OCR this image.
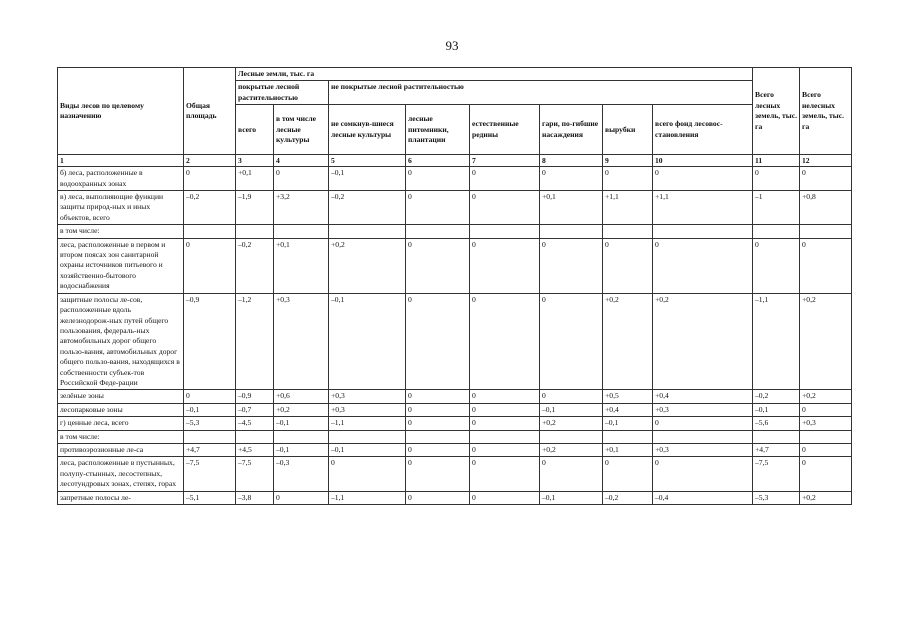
93
Виды лесов по целевому назначению	Общая площадь	Лесные земли, тыс. га								Всего лесных земель, тыс. га	Всего нелесных земель, тыс. га
		покрытые лесной растительностью		не покрытые лесной растительностью							
		всего	в том числе лесные культуры	не сомкнув-шиеся лесные культуры	лесные питомники, плантации	естественные редины	гари, по-гибшие насаждения	вырубки	всего фонд лесовос-становления		
1	2	3	4	5	6	7	8	9	10	11	12
б) леса, расположенные в водоохранных зонах	0	+0,1	0	–0,1	0	0	0	0	0	0	0
в) леса, выполняющие функции защиты природ-ных и иных объектов, всего	–0,2	–1,9	+3,2	–0,2	0	0	+0,1	+1,1	+1,1	–1	+0,8
в том числе:											
леса, расположенные в первом и втором поясах зон санитарной охраны источников питьевого и хозяйственно-бытового водоснабжения	0	–0,2	+0,1	+0,2	0	0	0	0	0	0	0
защитные полосы ле-сов, расположенные вдоль железнодорож-ных путей общего пользования, федераль-ных автомобильных дорог общего пользо-вания, автомобильных дорог общего пользо-вания, находящихся в собственности субъек-тов Российской Феде-рации	–0,9	–1,2	+0,3	–0,1	0	0	0	+0,2	+0,2	–1,1	+0,2
зелёные зоны	0	–0,9	+0,6	+0,3	0	0	0	+0,5	+0,4	–0,2	+0,2
лесопарковые зоны	–0,1	–0,7	+0,2	+0,3	0	0	–0,1	+0,4	+0,3	–0,1	0
г) ценные леса, всего	–5,3	–4,5	–0,1	–1,1	0	0	+0,2	–0,1	0	–5,6	+0,3
в том числе:											
противоэрозионные ле-са	+4,7	+4,5	–0,1	–0,1	0	0	+0,2	+0,1	+0,3	+4,7	0
леса, расположенные в пустынных, полупу-стынных, лесостепных, лесотундровых зонах, степях, горах	–7,5	–7,5	–0,3	0	0	0	0	0	0	–7,5	0
запретные полосы ле-	–5,1	–3,8	0	–1,1	0	0	–0,1	–0,2	–0,4	–5,3	+0,2
